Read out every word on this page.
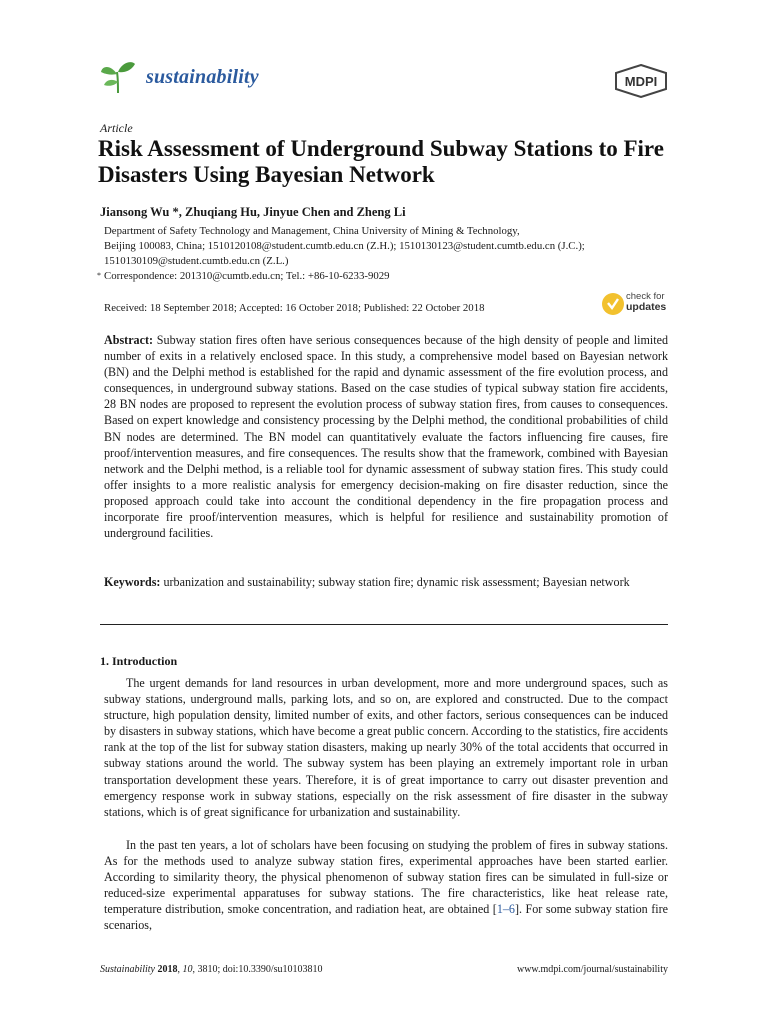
sustainability	MDPI
Article
Risk Assessment of Underground Subway Stations to Fire Disasters Using Bayesian Network
Jiansong Wu *, Zhuqiang Hu, Jinyue Chen and Zheng Li
Department of Safety Technology and Management, China University of Mining & Technology,
Beijing 100083, China; 1510120108@student.cumtb.edu.cn (Z.H.); 1510130123@student.cumtb.edu.cn (J.C.);
1510130109@student.cumtb.edu.cn (Z.L.)
* Correspondence: 201310@cumtb.edu.cn; Tel.: +86-10-6233-9029
Received: 18 September 2018; Accepted: 16 October 2018; Published: 22 October 2018
check for
updates

Abstract: Subway station fires often have serious consequences because of the high density of people and limited number of exits in a relatively enclosed space. In this study, a comprehensive model based on Bayesian network (BN) and the Delphi method is established for the rapid and dynamic assessment of the fire evolution process, and consequences, in underground subway stations. Based on the case studies of typical subway station fire accidents, 28 BN nodes are proposed to represent the evolution process of subway station fires, from causes to consequences. Based on expert knowledge and consistency processing by the Delphi method, the conditional probabilities of child BN nodes are determined. The BN model can quantitatively evaluate the factors influencing fire causes, fire proof/intervention measures, and fire consequences. The results show that the framework, combined with Bayesian network and the Delphi method, is a reliable tool for dynamic assessment of subway station fires. This study could offer insights to a more realistic analysis for emergency decision-making on fire disaster reduction, since the proposed approach could take into account the conditional dependency in the fire propagation process and incorporate fire proof/intervention measures, which is helpful for resilience and sustainability promotion of underground facilities.

Keywords: urbanization and sustainability; subway station fire; dynamic risk assessment; Bayesian network

1. Introduction

The urgent demands for land resources in urban development, more and more underground spaces, such as subway stations, underground malls, parking lots, and so on, are explored and constructed. Due to the compact structure, high population density, limited number of exits, and other factors, serious consequences can be induced by disasters in subway stations, which have become a great public concern. According to the statistics, fire accidents rank at the top of the list for subway station disasters, making up nearly 30% of the total accidents that occurred in subway stations around the world. The subway system has been playing an extremely important role in urban transportation development these years. Therefore, it is of great importance to carry out disaster prevention and emergency response work in subway stations, especially on the risk assessment of fire disaster in the subway stations, which is of great significance for urbanization and sustainability.

In the past ten years, a lot of scholars have been focusing on studying the problem of fires in subway stations. As for the methods used to analyze subway station fires, experimental approaches have been started earlier. According to similarity theory, the physical phenomenon of subway station fires can be simulated in full-size or reduced-size experimental apparatuses for subway stations. The fire characteristics, like heat release rate, temperature distribution, smoke concentration, and radiation heat, are obtained [1–6]. For some subway station fire scenarios,

Sustainability 2018, 10, 3810; doi:10.3390/su10103810	www.mdpi.com/journal/sustainability
